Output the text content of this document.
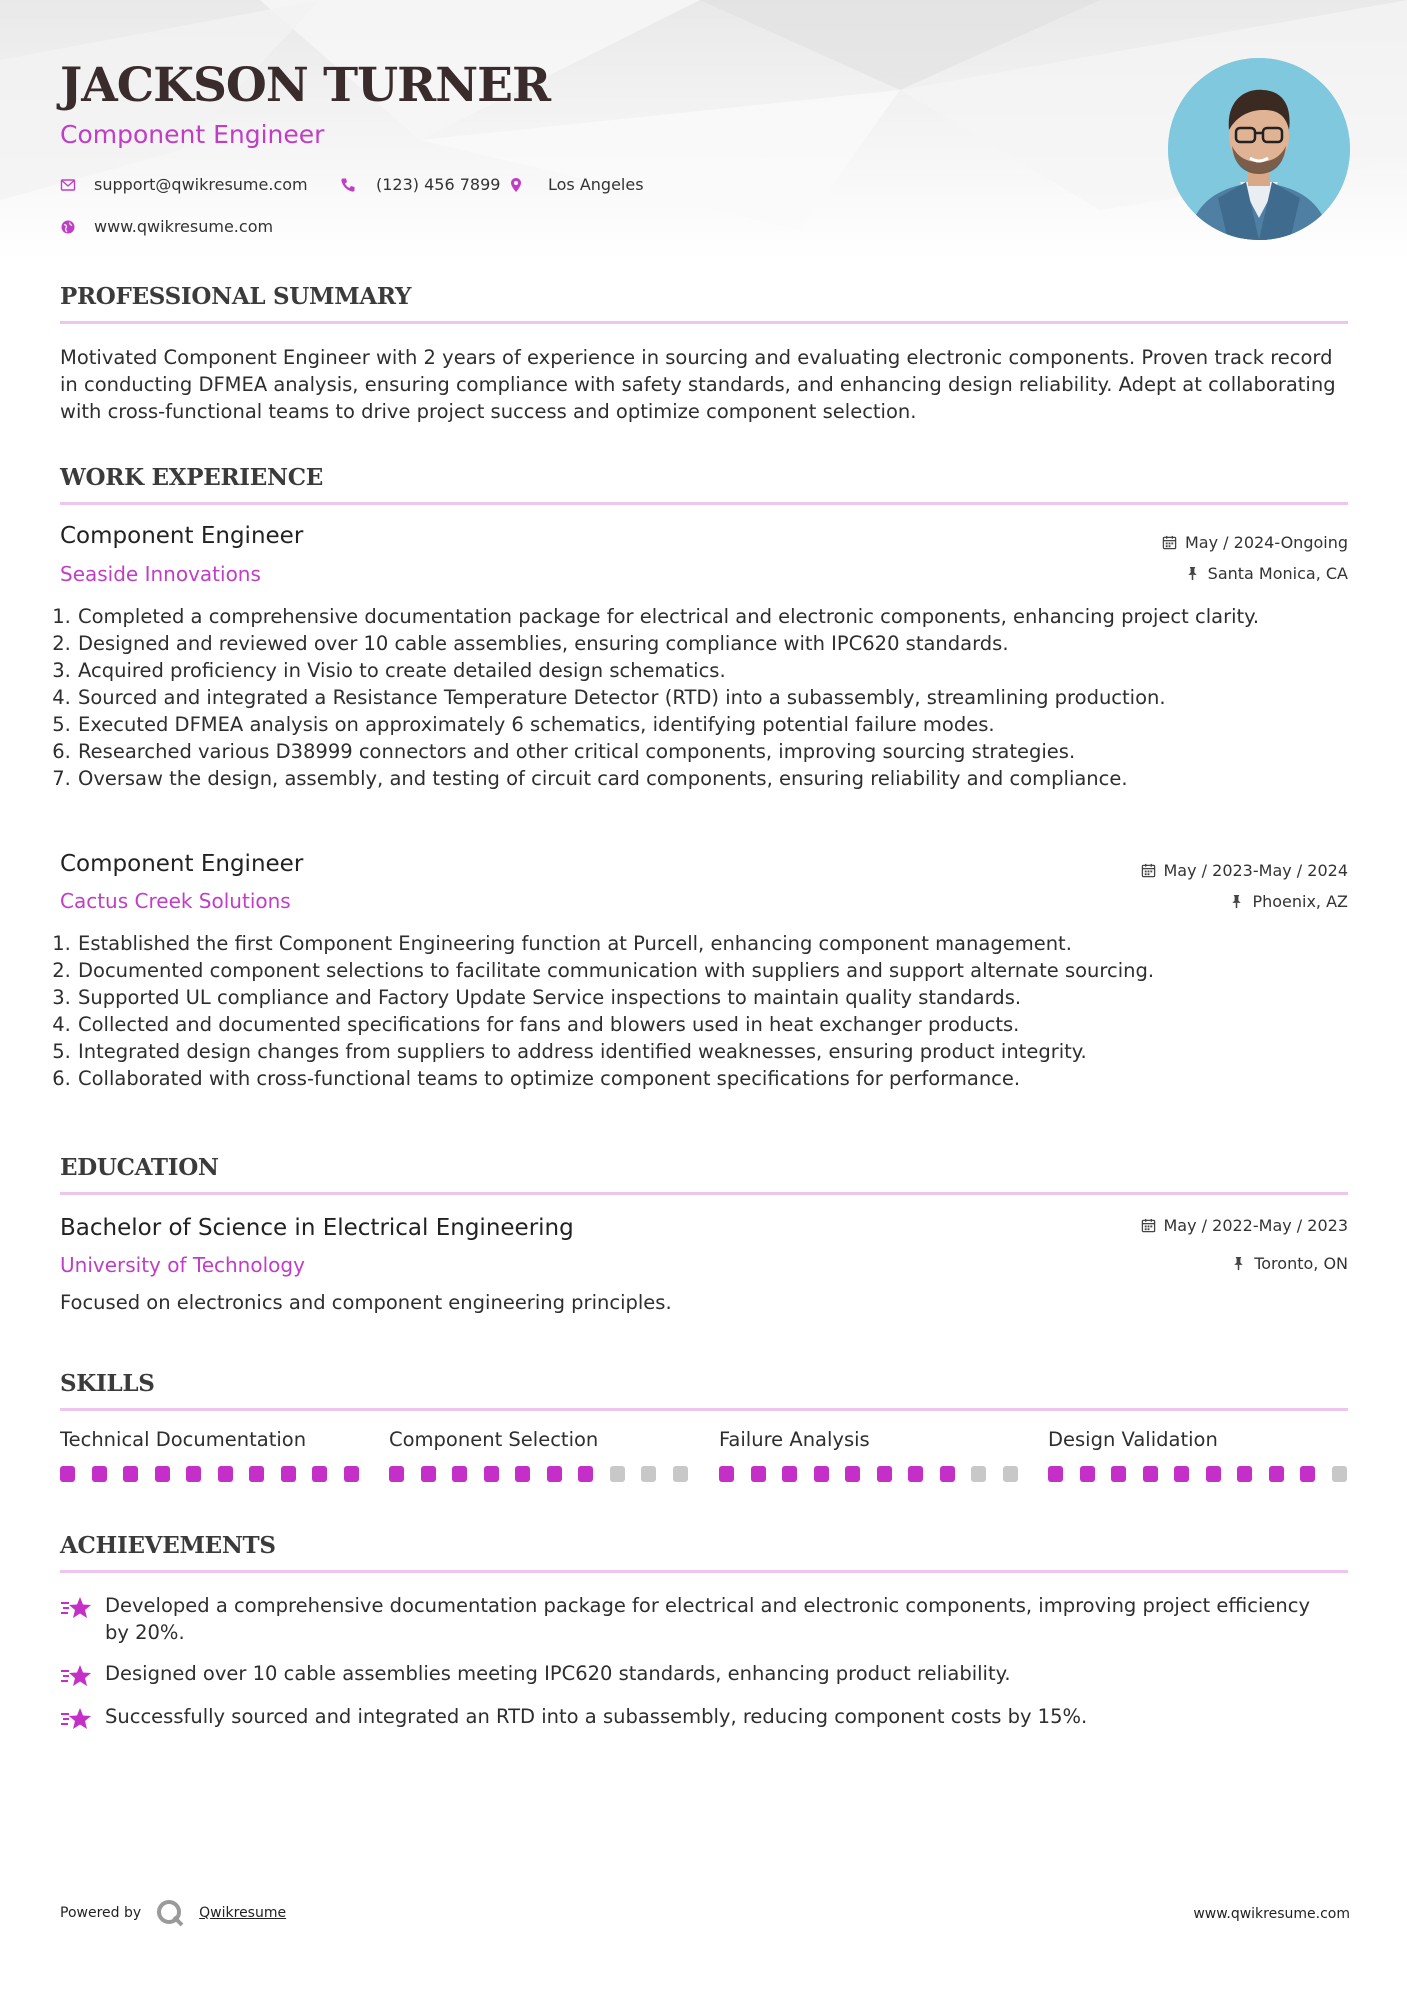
JACKSON TURNER
Component Engineer
support@qwikresume.com	(123) 456 7899	Los Angeles
www.qwikresume.com
PROFESSIONAL SUMMARY

Motivated Component Engineer with 2 years of experience in sourcing and evaluating electronic components. Proven track record in conducting DFMEA analysis, ensuring compliance with safety standards, and enhancing design reliability. Adept at collaborating with cross-functional teams to drive project success and optimize component selection.

WORK EXPERIENCE
Component Engineer
Seaside Innovations
May / 2024-Ongoing
Santa Monica, CA
1. Completed a comprehensive documentation package for electrical and electronic components, enhancing project clarity.
2. Designed and reviewed over 10 cable assemblies, ensuring compliance with IPC620 standards.
3. Acquired proficiency in Visio to create detailed design schematics.
4. Sourced and integrated a Resistance Temperature Detector (RTD) into a subassembly, streamlining production.
5. Executed DFMEA analysis on approximately 6 schematics, identifying potential failure modes.
6. Researched various D38999 connectors and other critical components, improving sourcing strategies.
7. Oversaw the design, assembly, and testing of circuit card components, ensuring reliability and compliance.
Component Engineer
Cactus Creek Solutions
May / 2023-May / 2024
Phoenix, AZ
1. Established the first Component Engineering function at Purcell, enhancing component management.
2. Documented component selections to facilitate communication with suppliers and support alternate sourcing.
3. Supported UL compliance and Factory Update Service inspections to maintain quality standards.
4. Collected and documented specifications for fans and blowers used in heat exchanger products.
5. Integrated design changes from suppliers to address identified weaknesses, ensuring product integrity.
6. Collaborated with cross-functional teams to optimize component specifications for performance.
EDUCATION
Bachelor of Science in Electrical Engineering
University of Technology
May / 2022-May / 2023
Toronto, ON

Focused on electronics and component engineering principles.

SKILLS
Technical Documentation	Component Selection	Failure Analysis	Design Validation
ACHIEVEMENTS
Developed a comprehensive documentation package for electrical and electronic components, improving project efficiency by 20%.
Designed over 10 cable assemblies meeting IPC620 standards, enhancing product reliability.
Successfully sourced and integrated an RTD into a subassembly, reducing component costs by 15%.
Powered by	Qwikresume	www.qwikresume.com
